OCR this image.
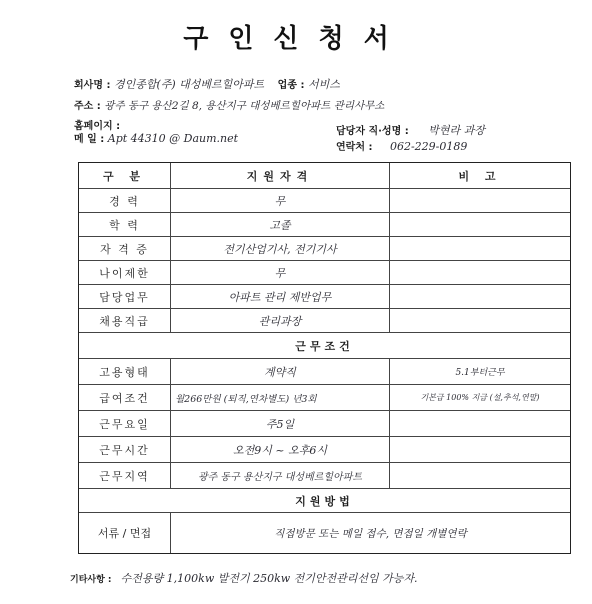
구인신청서
회사명 : 경인종합(주) 대성베르힐아파트 업종 : 서비스
주소 : 광주 동구 용산2길 8, 용산지구 대성베르힐아파트 관리사무소
홈페이지 :
메 일 : Apt 44310 @ Daum.net
담당자 직·성명 : 박현라 과장
연락처 : 062-229-0189
구 분	지원자격	비 고
경 력	무
학 력	고졸
자 격 증	전기산업기사, 전기기사
나이제한	무
담당업무	아파트 관리 제반업무
채용직급	관리과장
근무조건
고용형태	계약직	5.1부터근무
급여조건	월266만원 (퇴직,연차별도) 년3회	기본급 100% 지급 (설,추석,연말)
근무요일	주5일
근무시간	오전9시 ~ 오후6시
근무지역	광주 동구 용산지구 대성베르힐아파트
지원방법
서류 / 면접	직접방문 또는 메일 접수, 면접일 개별연락
기타사항 : 수전용량 1,100kw 발전기 250kw 전기안전관리선임 가능자.
